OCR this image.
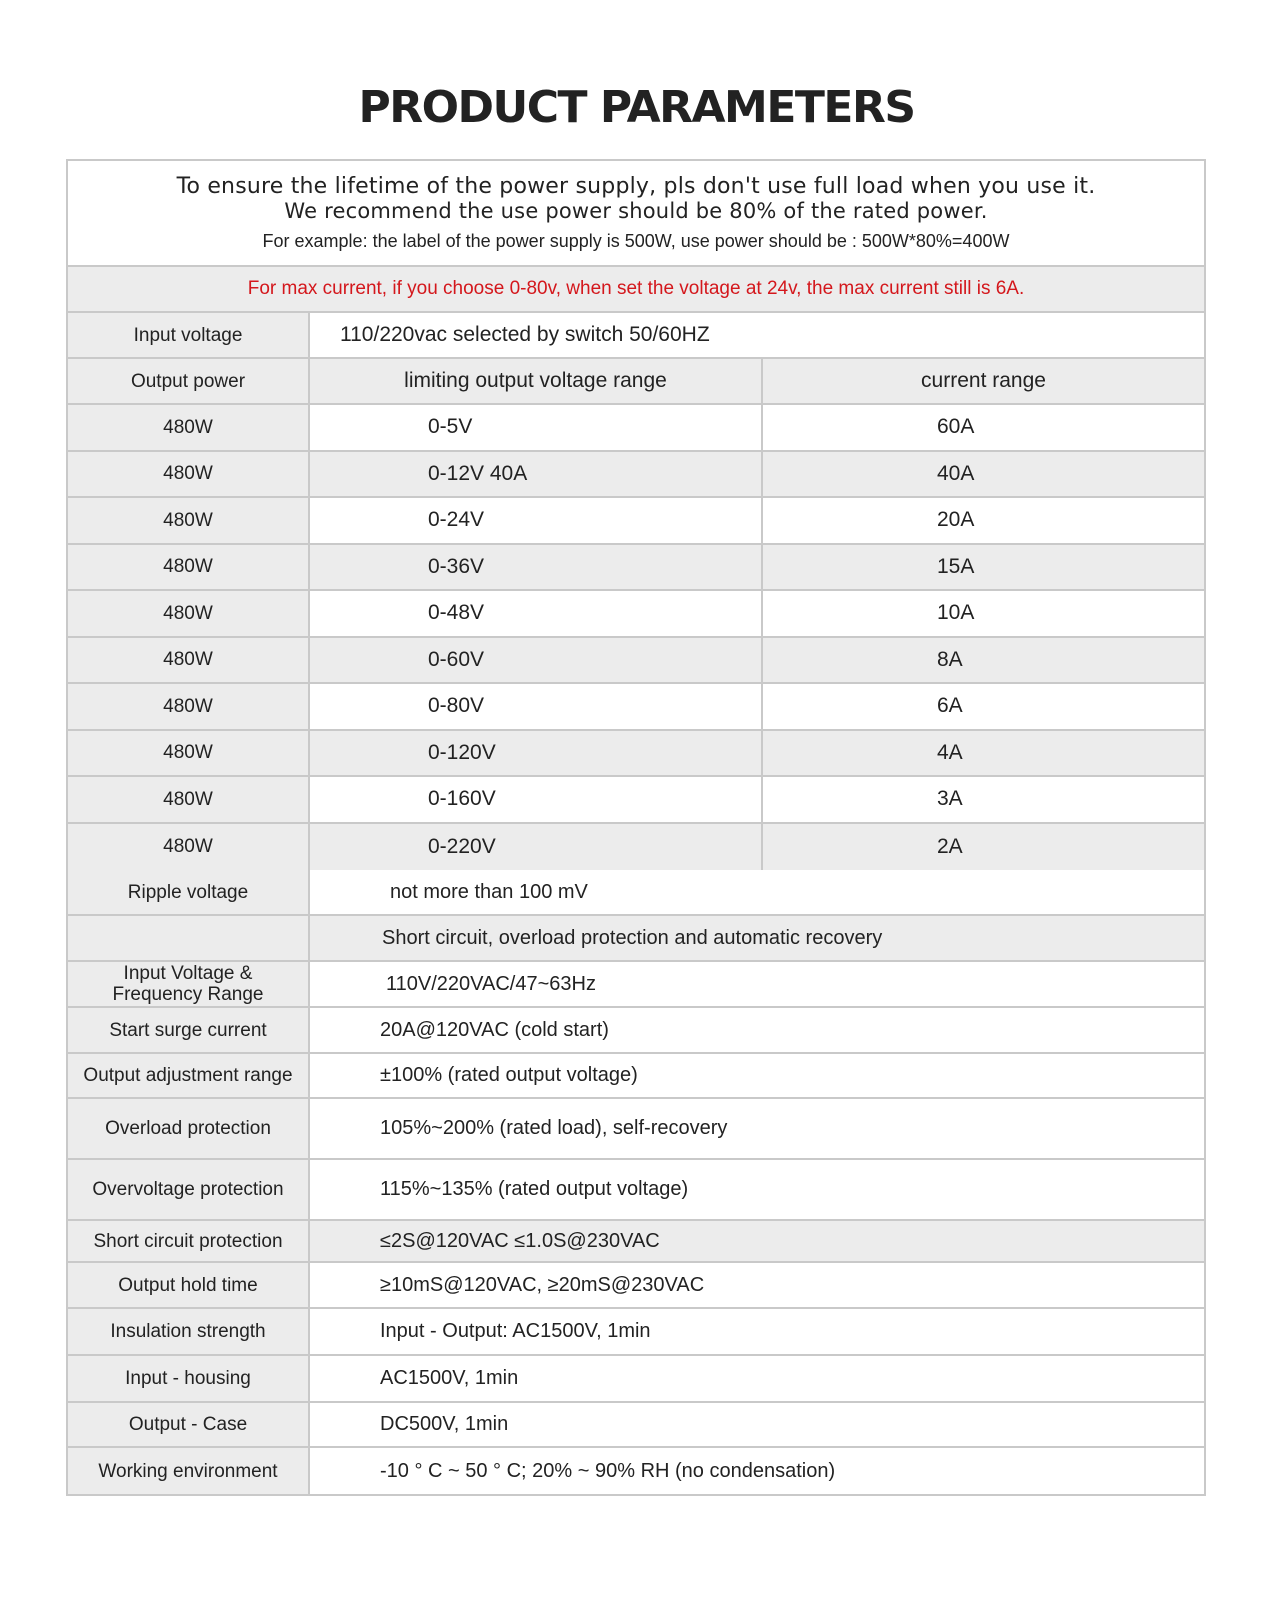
PRODUCT PARAMETERS
To ensure the lifetime of the power supply, pls don't use full load when you use it.
We recommend the use power should be 80% of the rated power.
For example: the label of the power supply is 500W, use power should be : 500W*80%=400W
For max current, if you choose 0-80v, when set the voltage at 24v, the max current still is 6A.
Input voltage	110/220vac selected by switch 50/60HZ
Output power	limiting output voltage range	current range
480W	0-5V	60A
480W	0-12V 40A	40A
480W	0-24V	20A
480W	0-36V	15A
480W	0-48V	10A
480W	0-60V	8A
480W	0-80V	6A
480W	0-120V	4A
480W	0-160V	3A
480W	0-220V	2A
Ripple voltage	not more than 100 mV
Short circuit, overload protection and automatic recovery
Input Voltage & Frequency Range	110V/220VAC/47~63Hz
Start surge current	20A@120VAC (cold start)
Output adjustment range	±100% (rated output voltage)
Overload protection	105%~200% (rated load), self-recovery
Overvoltage protection	115%~135% (rated output voltage)
Short circuit protection	≤2S@120VAC ≤1.0S@230VAC
Output hold time	≥10mS@120VAC, ≥20mS@230VAC
Insulation strength	Input - Output: AC1500V, 1min
Input - housing	AC1500V, 1min
Output - Case	DC500V, 1min
Working environment	-10 ° C ~ 50 ° C; 20% ~ 90% RH (no condensation)
